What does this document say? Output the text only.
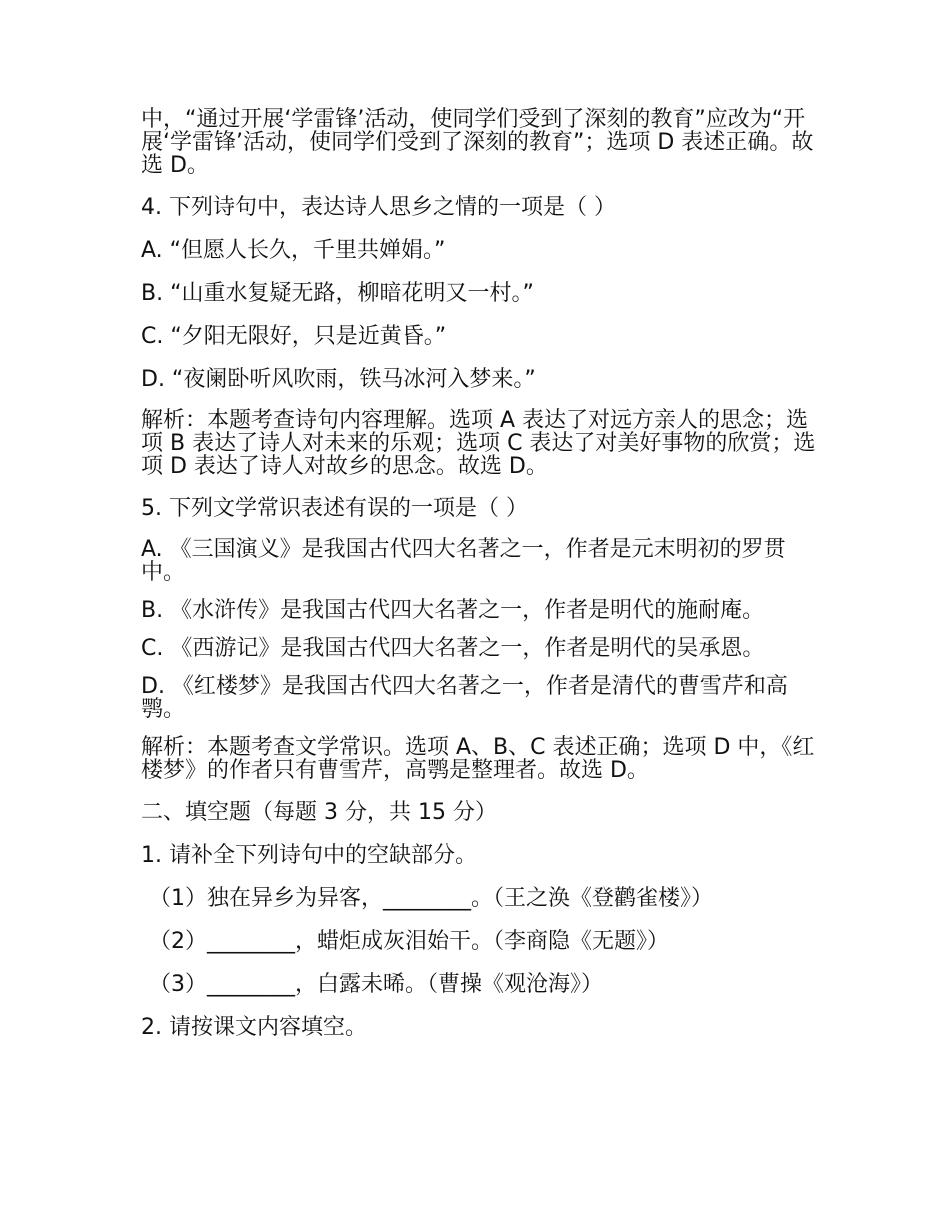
中，“通过开展‘学雷锋’活动，使同学们受到了深刻的教育”应改为“开展‘学雷锋’活动，使同学们受到了深刻的教育”；选项 D 表述正确。故选 D。

4. 下列诗句中，表达诗人思乡之情的一项是（ ）

A. “但愿人长久，千里共婵娟。”

B. “山重水复疑无路，柳暗花明又一村。”

C. “夕阳无限好，只是近黄昏。”

D. “夜阑卧听风吹雨，铁马冰河入梦来。”

解析：本题考查诗句内容理解。选项 A 表达了对远方亲人的思念；选项 B 表达了诗人对未来的乐观；选项 C 表达了对美好事物的欣赏；选项 D 表达了诗人对故乡的思念。故选 D。

5. 下列文学常识表述有误的一项是（ ）

A. 《三国演义》是我国古代四大名著之一，作者是元末明初的罗贯中。

B. 《水浒传》是我国古代四大名著之一，作者是明代的施耐庵。

C. 《西游记》是我国古代四大名著之一，作者是明代的吴承恩。

D. 《红楼梦》是我国古代四大名著之一，作者是清代的曹雪芹和高鹗。

解析：本题考查文学常识。选项 A、B、C 表述正确；选项 D 中，《红楼梦》的作者只有曹雪芹，高鹗是整理者。故选 D。

二、填空题（每题 3 分，共 15 分）

1. 请补全下列诗句中的空缺部分。

（1）独在异乡为异客，________。（王之涣《登鹳雀楼》）

（2）________，蜡炬成灰泪始干。（李商隐《无题》）

（3）________，白露未晞。（曹操《观沧海》）

2. 请按课文内容填空。
